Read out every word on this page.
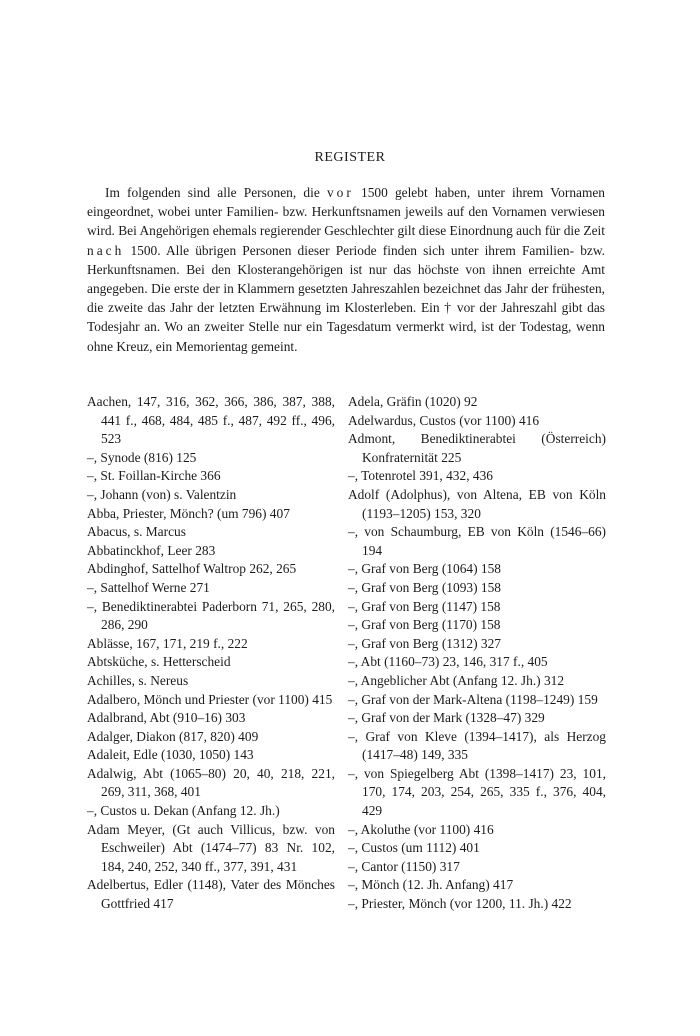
REGISTER

Im folgenden sind alle Personen, die vor 1500 gelebt haben, unter ihrem Vornamen eingeordnet, wobei unter Familien- bzw. Herkunftsnamen jeweils auf den Vornamen verwiesen wird. Bei Angehörigen ehemals regierender Geschlechter gilt diese Einordnung auch für die Zeit nach 1500. Alle übrigen Personen dieser Periode finden sich unter ihrem Familien- bzw. Herkunftsnamen. Bei den Klosterangehörigen ist nur das höchste von ihnen erreichte Amt angegeben. Die erste der in Klammern gesetzten Jahreszahlen bezeichnet das Jahr der frühesten, die zweite das Jahr der letzten Erwähnung im Klosterleben. Ein † vor der Jahreszahl gibt das Todesjahr an. Wo an zweiter Stelle nur ein Tagesdatum vermerkt wird, ist der Todestag, wenn ohne Kreuz, ein Memorientag gemeint.

Aachen, 147, 316, 362, 366, 386, 387, 388, 441 f., 468, 484, 485 f., 487, 492 ff., 496, 523

–, Synode (816) 125

–, St. Foillan-Kirche 366

–, Johann (von) s. Valentzin

Abba, Priester, Mönch? (um 796) 407

Abacus, s. Marcus

Abbatinckhof, Leer 283

Abdinghof, Sattelhof Waltrop 262, 265

–, Sattelhof Werne 271

–, Benediktinerabtei Paderborn 71, 265, 280, 286, 290

Ablässe, 167, 171, 219 f., 222

Abtsküche, s. Hetterscheid

Achilles, s. Nereus

Adalbero, Mönch und Priester (vor 1100) 415

Adalbrand, Abt (910–16) 303

Adalger, Diakon (817, 820) 409

Adaleit, Edle (1030, 1050) 143

Adalwig, Abt (1065–80) 20, 40, 218, 221, 269, 311, 368, 401

–, Custos u. Dekan (Anfang 12. Jh.)

Adam Meyer, (Gt auch Villicus, bzw. von Eschweiler) Abt (1474–77) 83 Nr. 102, 184, 240, 252, 340 ff., 377, 391, 431

Adelbertus, Edler (1148), Vater des Mönches Gottfried 417

Adela, Gräfin (1020) 92

Adelwardus, Custos (vor 1100) 416

Admont, Benediktinerabtei (Österreich) Konfraternität 225

–, Totenrotel 391, 432, 436

Adolf (Adolphus), von Altena, EB von Köln (1193–1205) 153, 320

–, von Schaumburg, EB von Köln (1546–66) 194

–, Graf von Berg (1064) 158

–, Graf von Berg (1093) 158

–, Graf von Berg (1147) 158

–, Graf von Berg (1170) 158

–, Graf von Berg (1312) 327

–, Abt (1160–73) 23, 146, 317 f., 405

–, Angeblicher Abt (Anfang 12. Jh.) 312

–, Graf von der Mark-Altena (1198–1249) 159

–, Graf von der Mark (1328–47) 329

–, Graf von Kleve (1394–1417), als Herzog (1417–48) 149, 335

–, von Spiegelberg Abt (1398–1417) 23, 101, 170, 174, 203, 254, 265, 335 f., 376, 404, 429

–, Akoluthe (vor 1100) 416

–, Custos (um 1112) 401

–, Cantor (1150) 317

–, Mönch (12. Jh. Anfang) 417

–, Priester, Mönch (vor 1200, 11. Jh.) 422
